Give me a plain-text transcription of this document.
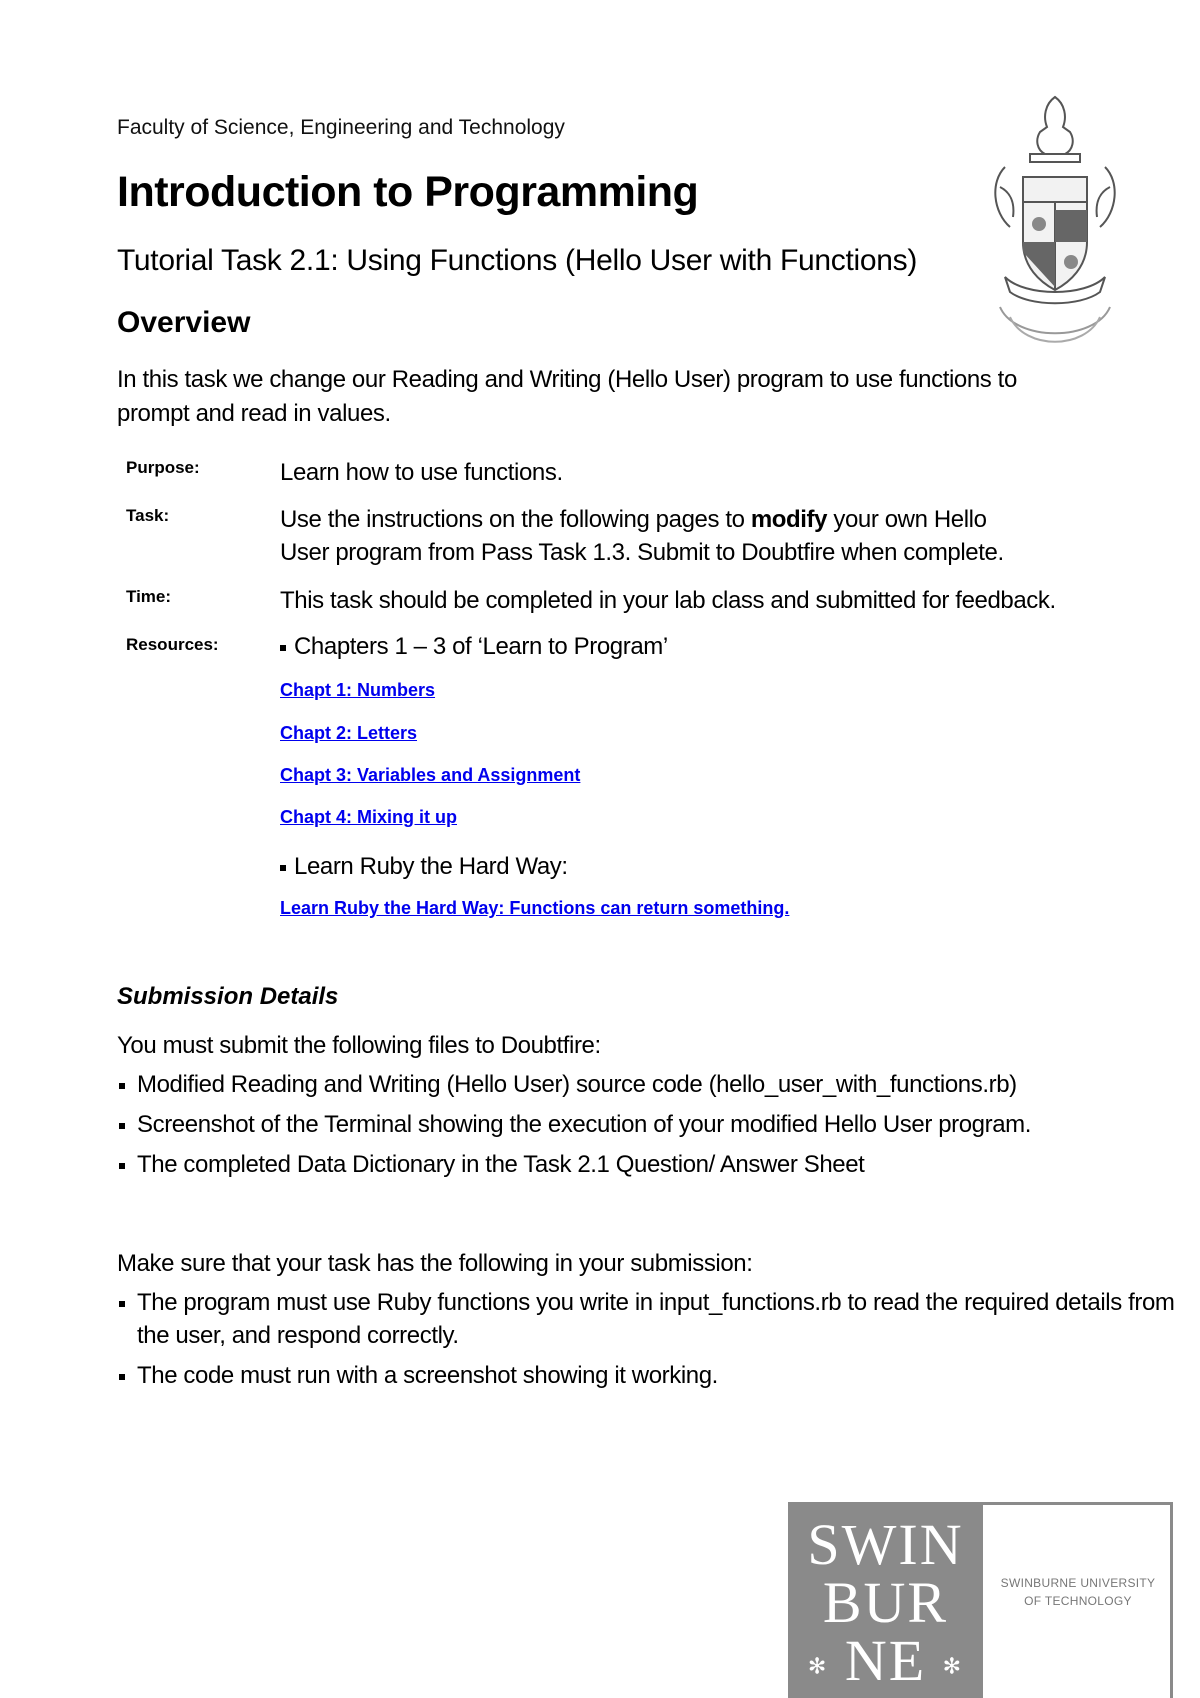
Faculty of Science, Engineering and Technology
Introduction to Programming
Tutorial Task 2.1: Using Functions (Hello User with Functions)
Overview
In this task we change our Reading and Writing (Hello User) program to use functions to prompt and read in values.
Purpose:	Learn how to use functions.
Task:	Use the instructions on the following pages to modify your own Hello User program from Pass Task 1.3. Submit to Doubtfire when complete.
Time:	This task should be completed in your lab class and submitted for feedback.
Resources:	Chapters 1 – 3 of ‘Learn to Program’
Chapt 1: Numbers
Chapt 2: Letters
Chapt 3: Variables and Assignment
Chapt 4: Mixing it up
Learn Ruby the Hard Way:
Learn Ruby the Hard Way: Functions can return something.
Submission Details
You must submit the following files to Doubtfire:
Modified Reading and Writing (Hello User) source code (hello_user_with_functions.rb)
Screenshot of the Terminal showing the execution of your modified Hello User program.
The completed Data Dictionary in the Task 2.1 Question/ Answer Sheet
Make sure that your task has the following in your submission:
The program must use Ruby functions you write in input_functions.rb to read the required details from the user, and respond correctly.
The code must run with a screenshot showing it working.
SWIN
BUR
✻ NE ✻
SWINBURNE UNIVERSITY
OF TECHNOLOGY
